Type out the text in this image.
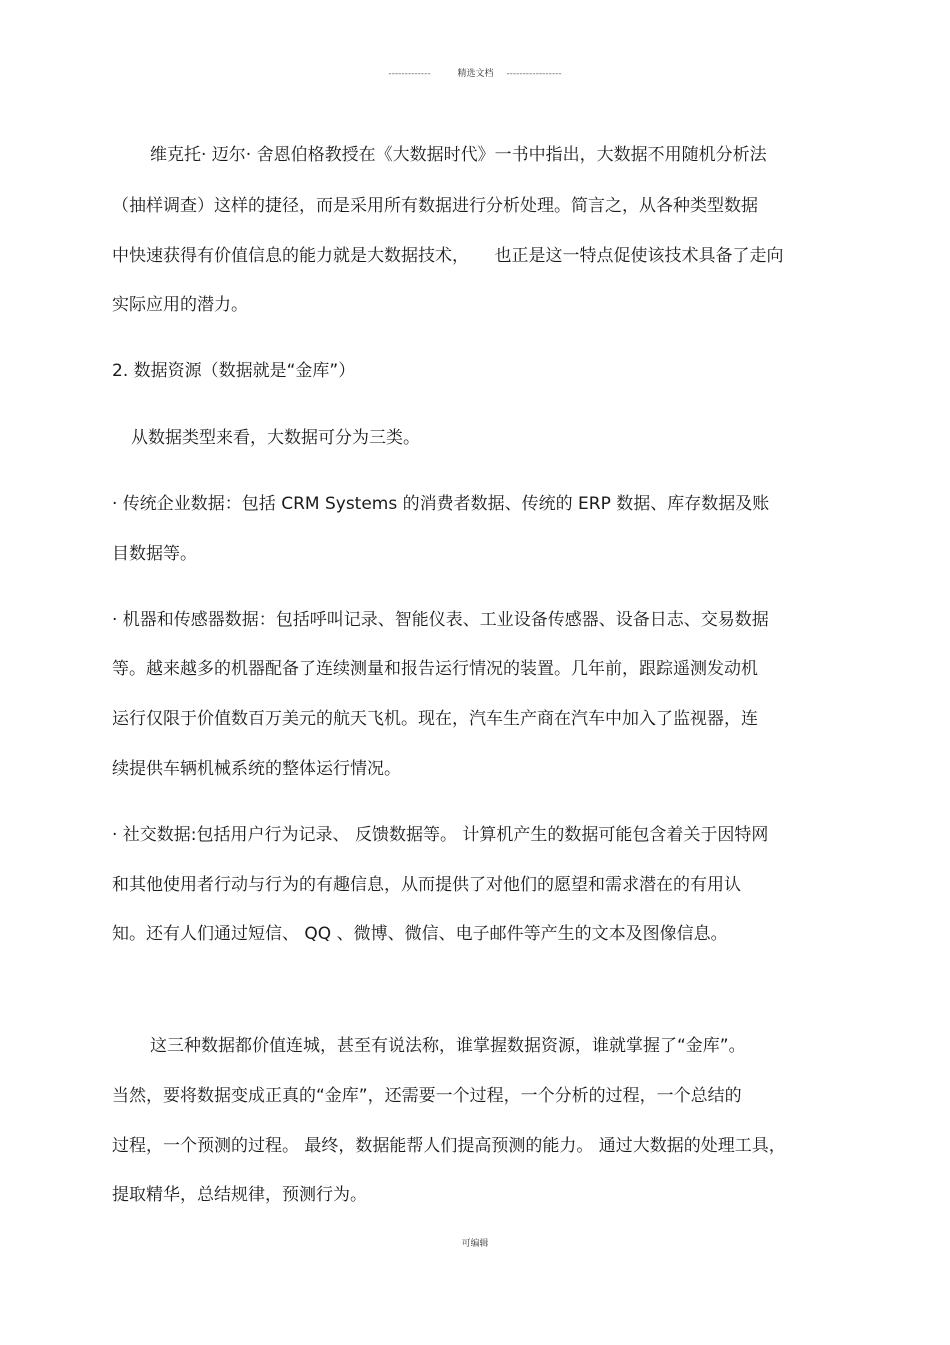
-------------	精选文档 -----------------
维克托· 迈尔· 舍恩伯格教授在《大数据时代》一书中指出，大数据不用随机分析法
（抽样调查）这样的捷径，而是采用所有数据进行分析处理。简言之，从各种类型数据
中快速获得有价值信息的能力就是大数据技术，　　也正是这一特点促使该技术具备了走向
实际应用的潜力。
2. 数据资源（数据就是“金库”）
从数据类型来看，大数据可分为三类。
· 传统企业数据：包括 CRM Systems 的消费者数据、传统的 ERP 数据、库存数据及账
目数据等。
· 机器和传感器数据：包括呼叫记录、智能仪表、工业设备传感器、设备日志、交易数据
等。越来越多的机器配备了连续测量和报告运行情况的装置。几年前，跟踪遥测发动机
运行仅限于价值数百万美元的航天飞机。现在，汽车生产商在汽车中加入了监视器，连
续提供车辆机械系统的整体运行情况。
· 社交数据:包括用户行为记录、 反馈数据等。 计算机产生的数据可能包含着关于因特网
和其他使用者行动与行为的有趣信息，从而提供了对他们的愿望和需求潜在的有用认
知。还有人们通过短信、 QQ 、微博、微信、电子邮件等产生的文本及图像信息。
这三种数据都价值连城，甚至有说法称，谁掌握数据资源，谁就掌握了“金库”。
当然，要将数据变成正真的“金库”，还需要一个过程，一个分析的过程，一个总结的
过程，一个预测的过程。 最终，数据能帮人们提高预测的能力。 通过大数据的处理工具，
提取精华，总结规律，预测行为。
可编辑
